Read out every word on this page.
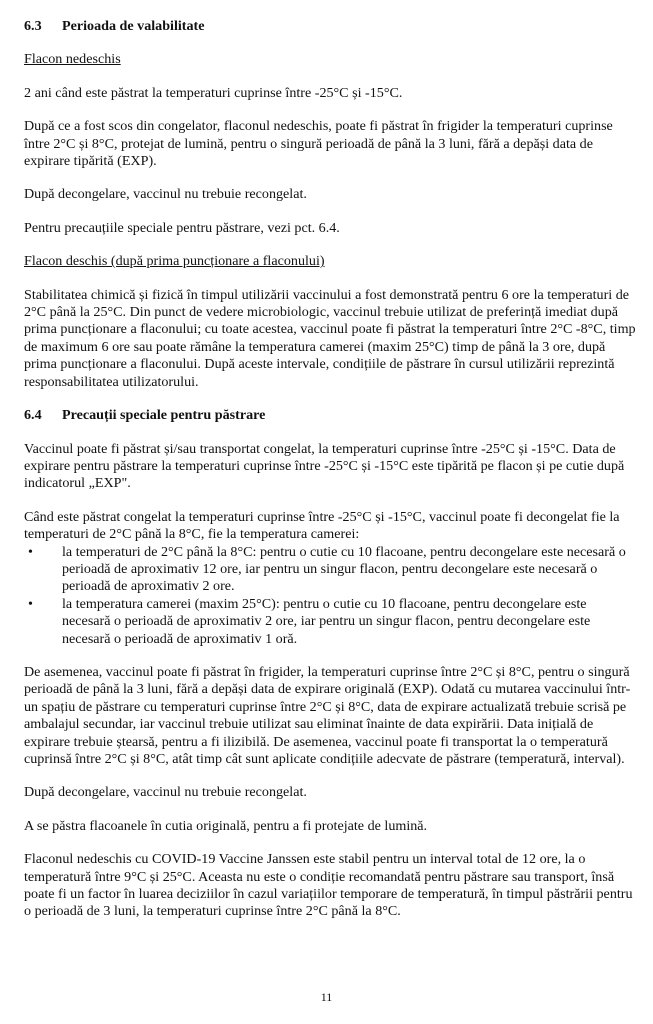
6.3	Perioada de valabilitate
Flacon nedeschis

2 ani când este păstrat la temperaturi cuprinse între -25°C și -15°C.

După ce a fost scos din congelator, flaconul nedeschis, poate fi păstrat în frigider la temperaturi cuprinse între 2°C și 8°C, protejat de lumină, pentru o singură perioadă de până la 3 luni, fără a depăși data de expirare tipărită (EXP).

După decongelare, vaccinul nu trebuie recongelat.

Pentru precauțiile speciale pentru păstrare, vezi pct. 6.4.

Flacon deschis (după prima puncționare a flaconului)

Stabilitatea chimică și fizică în timpul utilizării vaccinului a fost demonstrată pentru 6 ore la temperaturi de 2°C până la 25°C. Din punct de vedere microbiologic, vaccinul trebuie utilizat de preferință imediat după prima puncționare a flaconului; cu toate acestea, vaccinul poate fi păstrat la temperaturi între 2°C -8°C, timp de maximum 6 ore sau poate rămâne la temperatura camerei (maxim 25°C) timp de până la 3 ore, după prima puncționare a flaconului. După aceste intervale, condițiile de păstrare în cursul utilizării reprezintă responsabilitatea utilizatorului.

6.4	Precauții speciale pentru păstrare

Vaccinul poate fi păstrat și/sau transportat congelat, la temperaturi cuprinse între -25°C și -15°C. Data de expirare pentru păstrare la temperaturi cuprinse între -25°C și -15°C este tipărită pe flacon și pe cutie după indicatorul „EXP".

Când este păstrat congelat la temperaturi cuprinse între -25°C și -15°C, vaccinul poate fi decongelat fie la temperaturi de 2°C până la 8°C, fie la temperatura camerei:

• la temperaturi de 2°C până la 8°C: pentru o cutie cu 10 flacoane, pentru decongelare este necesară o perioadă de aproximativ 12 ore, iar pentru un singur flacon, pentru decongelare este necesară o perioadă de aproximativ 2 ore.
• la temperatura camerei (maxim 25°C): pentru o cutie cu 10 flacoane, pentru decongelare este necesară o perioadă de aproximativ 2 ore, iar pentru un singur flacon, pentru decongelare este necesară o perioadă de aproximativ 1 oră.

De asemenea, vaccinul poate fi păstrat în frigider, la temperaturi cuprinse între 2°C și 8°C, pentru o singură perioadă de până la 3 luni, fără a depăși data de expirare originală (EXP). Odată cu mutarea vaccinului într-un spațiu de păstrare cu temperaturi cuprinse între 2°C și 8°C, data de expirare actualizată trebuie scrisă pe ambalajul secundar, iar vaccinul trebuie utilizat sau eliminat înainte de data expirării. Data inițială de expirare trebuie ștearsă, pentru a fi ilizibilă. De asemenea, vaccinul poate fi transportat la o temperatură cuprinsă între 2°C și 8°C, atât timp cât sunt aplicate condițiile adecvate de păstrare (temperatură, interval).

După decongelare, vaccinul nu trebuie recongelat.

A se păstra flacoanele în cutia originală, pentru a fi protejate de lumină.

Flaconul nedeschis cu COVID-19 Vaccine Janssen este stabil pentru un interval total de 12 ore, la o temperatură între 9°C și 25°C. Aceasta nu este o condiție recomandată pentru păstrare sau transport, însă poate fi un factor în luarea deciziilor în cazul variațiilor temporare de temperatură, în timpul păstrării pentru o perioadă de 3 luni, la temperaturi cuprinse între 2°C până la 8°C.

11
